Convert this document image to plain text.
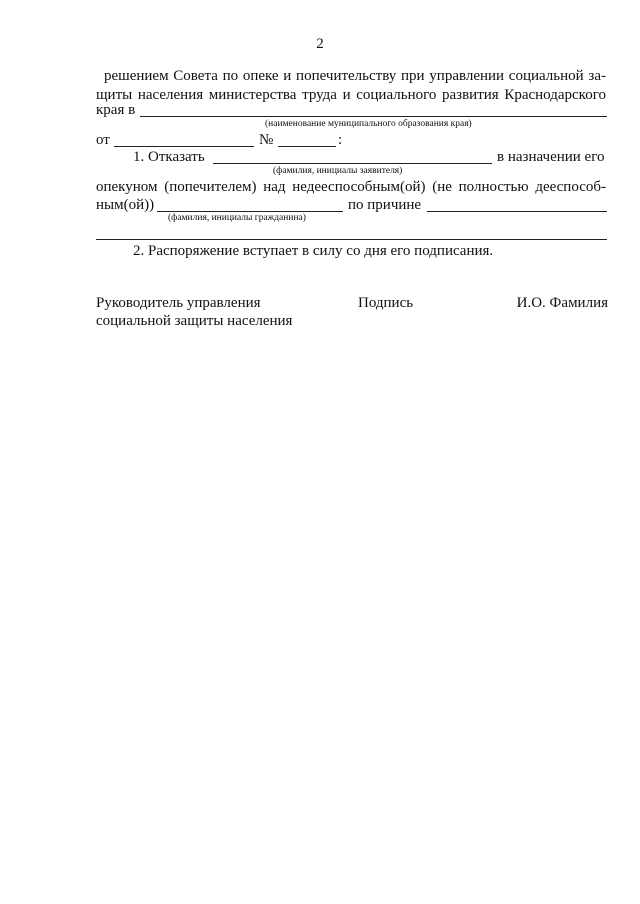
2
решением Совета по опеке и попечительству при управлении социальной за-
щиты населения министерства труда и социального развития Краснодарского
края в
(наименование муниципального образования края)
от	№	:
1. Отказать	в назначении его
(фамилия, инициалы заявителя)
опекуном (попечителем) над недееспособным(ой) (не полностью дееспособ-
ным(ой))	по причине
(фамилия, инициалы гражданина)
2. Распоряжение вступает в силу со дня его подписания.
Руководитель управления
социальной защиты населения
Подпись	И.О. Фамилия
